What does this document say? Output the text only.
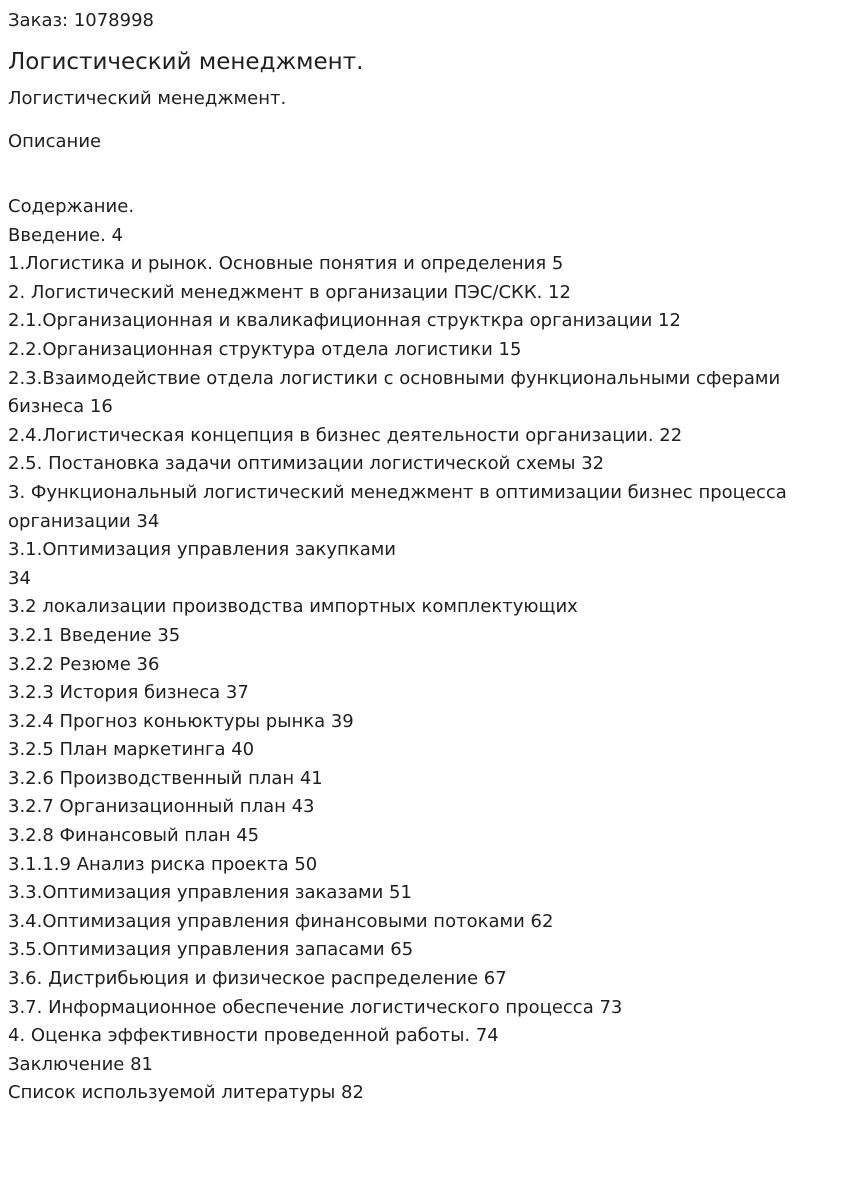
Заказ: 1078998

Логистический менеджмент.

Логистический менеджмент.

Описание

Содержание.
Введение. 4
1.Логистика и рынок. Основные понятия и определения 5
2. Логистический менеджмент в организации ПЭС/СКК. 12
2.1.Организационная и кваликафиционная структкра организации 12
2.2.Организационная структура отдела логистики 15
2.3.Взаимодействие отдела логистики с основными функциональными сферами бизнеса 16
2.4.Логистическая концепция в бизнес деятельности организации. 22
2.5. Постановка задачи оптимизации логистической схемы 32
3. Функциональный логистический менеджмент в оптимизации бизнес процесса организации 34
3.1.Оптимизация управления закупками
34
3.2 локализации производства импортных комплектующих
3.2.1 Введение 35
3.2.2 Резюме 36
3.2.3 История бизнеса 37
3.2.4 Прогноз коньюктуры рынка 39
3.2.5 План маркетинга 40
3.2.6 Производственный план 41
3.2.7 Организационный план 43
3.2.8 Финансовый план 45
3.1.1.9 Анализ риска проекта 50
3.3.Оптимизация управления заказами 51
3.4.Оптимизация управления финансовыми потоками 62
3.5.Оптимизация управления запасами 65
3.6. Дистрибьюция и физическое распределение 67
3.7. Информационное обеспечение логистического процесса 73
4. Оценка эффективности проведенной работы. 74
Заключение 81
Список используемой литературы 82
